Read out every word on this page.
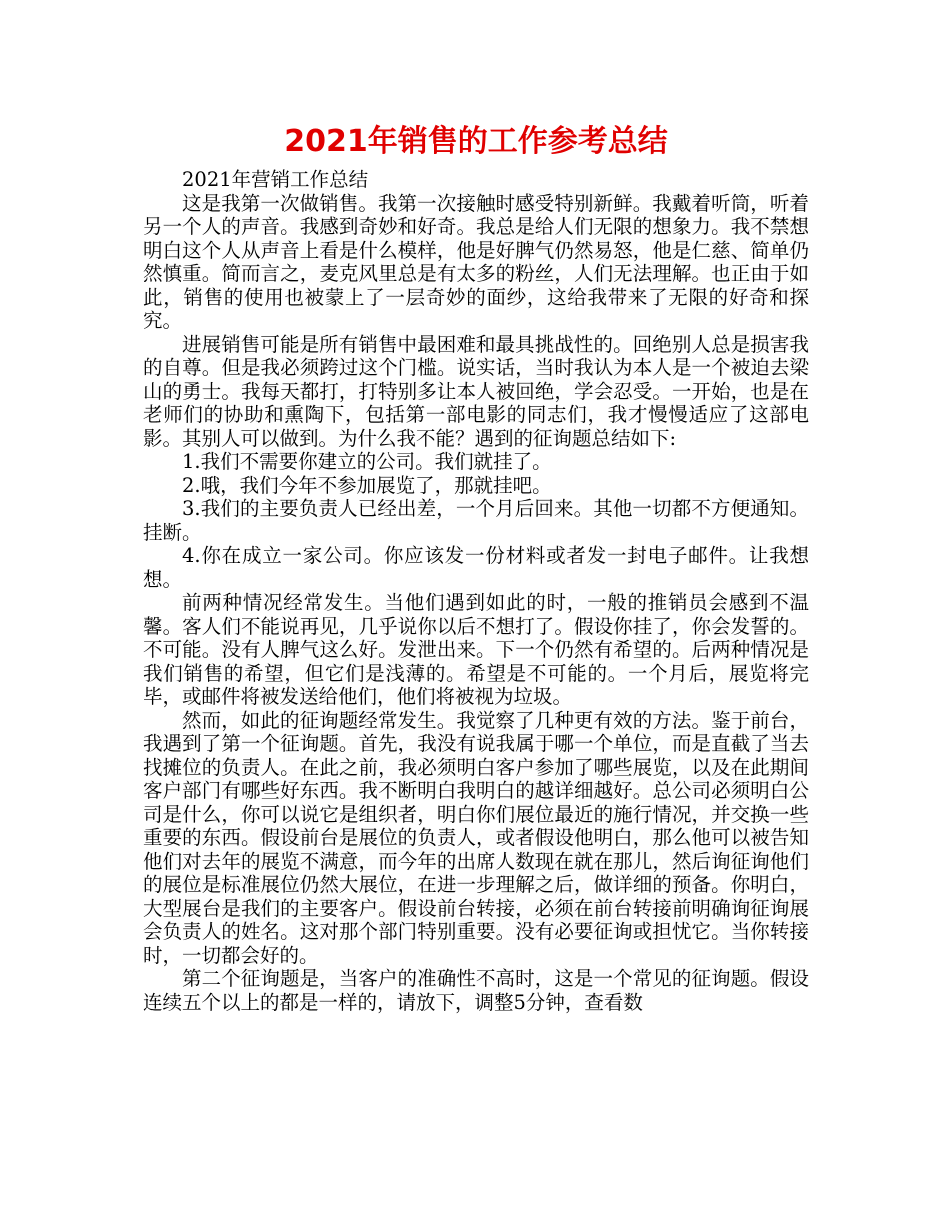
2021年销售的工作参考总结

2021年营销工作总结

这是我第一次做销售。我第一次接触时感受特别新鲜。我戴着听筒，听着另一个人的声音。我感到奇妙和好奇。我总是给人们无限的想象力。我不禁想明白这个人从声音上看是什么模样，他是好脾气仍然易怒，他是仁慈、简单仍然慎重。简而言之，麦克风里总是有太多的粉丝，人们无法理解。也正由于如此，销售的使用也被蒙上了一层奇妙的面纱，这给我带来了无限的好奇和探究。

进展销售可能是所有销售中最困难和最具挑战性的。回绝别人总是损害我的自尊。但是我必须跨过这个门槛。说实话，当时我认为本人是一个被迫去梁山的勇士。我每天都打，打特别多让本人被回绝，学会忍受。一开始，也是在老师们的协助和熏陶下，包括第一部电影的同志们，我才慢慢适应了这部电影。其别人可以做到。为什么我不能？遇到的征询题总结如下:

1.我们不需要你建立的公司。我们就挂了。

2.哦，我们今年不参加展览了，那就挂吧。

3.我们的主要负责人已经出差，一个月后回来。其他一切都不方便通知。挂断。

4.你在成立一家公司。你应该发一份材料或者发一封电子邮件。让我想想。

前两种情况经常发生。当他们遇到如此的时，一般的推销员会感到不温馨。客人们不能说再见，几乎说你以后不想打了。假设你挂了，你会发誓的。不可能。没有人脾气这么好。发泄出来。下一个仍然有希望的。后两种情况是我们销售的希望，但它们是浅薄的。希望是不可能的。一个月后，展览将完毕，或邮件将被发送给他们，他们将被视为垃圾。

然而，如此的征询题经常发生。我觉察了几种更有效的方法。鉴于前台，我遇到了第一个征询题。首先，我没有说我属于哪一个单位，而是直截了当去找摊位的负责人。在此之前，我必须明白客户参加了哪些展览，以及在此期间客户部门有哪些好东西。我不断明白我明白的越详细越好。总公司必须明白公司是什么，你可以说它是组织者，明白你们展位最近的施行情况，并交换一些重要的东西。假设前台是展位的负责人，或者假设他明白，那么他可以被告知他们对去年的展览不满意，而今年的出席人数现在就在那儿，然后询征询他们的展位是标准展位仍然大展位，在进一步理解之后，做详细的预备。你明白，大型展台是我们的主要客户。假设前台转接，必须在前台转接前明确询征询展会负责人的姓名。这对那个部门特别重要。没有必要征询或担忧它。当你转接时，一切都会好的。

第二个征询题是，当客户的准确性不高时，这是一个常见的征询题。假设连续五个以上的都是一样的，请放下，调整5分钟，查看数
